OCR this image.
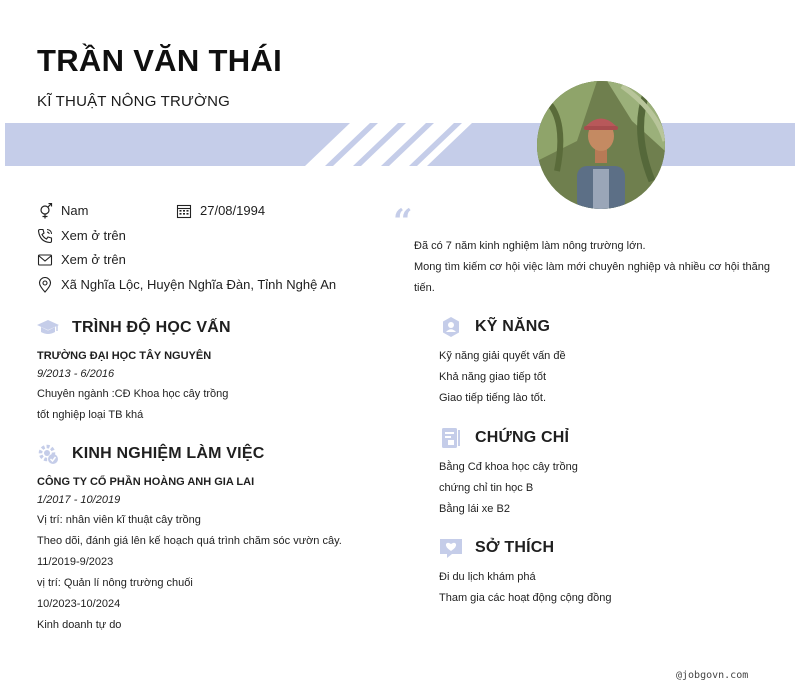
TRẦN VĂN THÁI
KĨ THUẬT NÔNG TRƯỜNG
Nam	27/08/1994
Xem ở trên
Xem ở trên
Xã Nghĩa Lộc, Huyện Nghĩa Đàn, Tỉnh Nghệ An
“

Đã có 7 năm kinh nghiệm làm nông trường lớn.

Mong tìm kiếm cơ hội việc làm mới chuyên nghiệp và nhiều cơ hội thăng tiến.

TRÌNH ĐỘ HỌC VẤN
TRƯỜNG ĐẠI HỌC TÂY NGUYÊN
9/2013 - 6/2016
Chuyên ngành :CĐ Khoa học cây trồng
tốt nghiệp loại TB khá
KINH NGHIỆM LÀM VIỆC
CÔNG TY CỔ PHẦN HOÀNG ANH GIA LAI
1/2017 - 10/2019
Vị trí: nhân viên kĩ thuật cây trồng
Theo dõi, đánh giá lên kế hoạch quá trình chăm sóc vườn cây.
11/2019-9/2023
vị trí: Quản lí nông trường chuối
10/2023-10/2024
Kinh doanh tự do
KỸ NĂNG
Kỹ năng giải quyết vấn đề
Khả năng giao tiếp tốt
Giao tiếp tiếng lào tốt.
CHỨNG CHỈ
Bằng Cđ khoa học cây trồng
chứng chỉ tin học B
Bằng lái xe B2
SỞ THÍCH
Đi du lịch khám phá
Tham gia các hoạt động cộng đồng
@jobgovn.com
